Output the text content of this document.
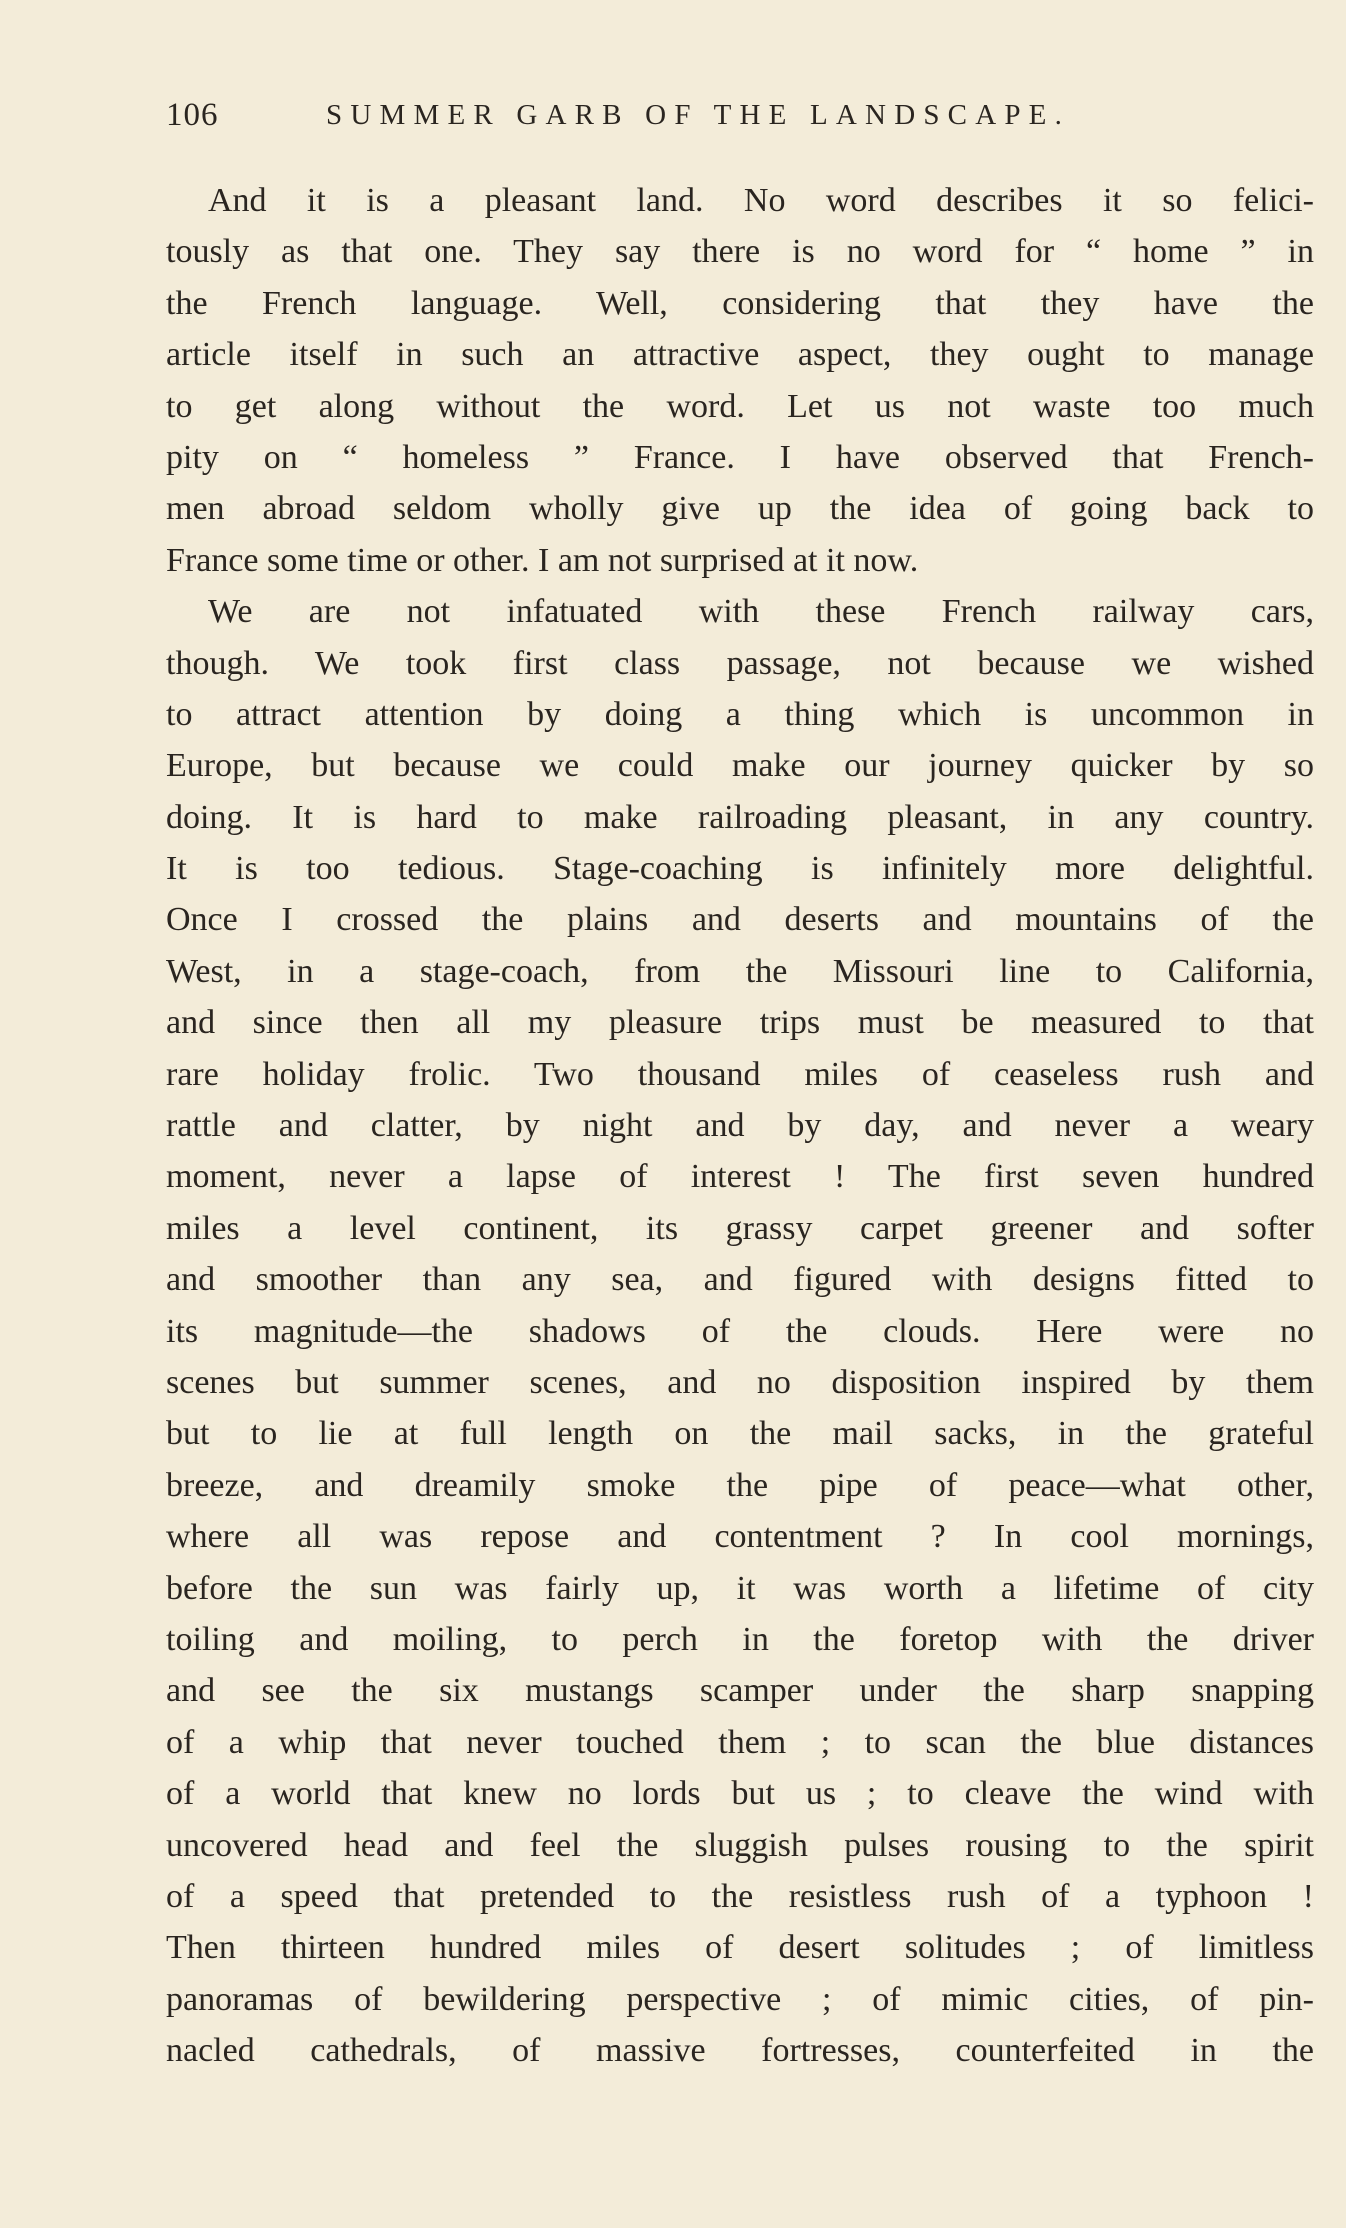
106	SUMMER GARB OF THE LANDSCAPE.
And it is a pleasant land. No word describes it so felici-
tously as that one. They say there is no word for “ home ” in
the French language. Well, considering that they have the
article itself in such an attractive aspect, they ought to manage
to get along without the word. Let us not waste too much
pity on “ homeless ” France. I have observed that French-
men abroad seldom wholly give up the idea of going back to
France some time or other. I am not surprised at it now.
We are not infatuated with these French railway cars,
though. We took first class passage, not because we wished
to attract attention by doing a thing which is uncommon in
Europe, but because we could make our journey quicker by so
doing. It is hard to make railroading pleasant, in any country.
It is too tedious. Stage-coaching is infinitely more delightful.
Once I crossed the plains and deserts and mountains of the
West, in a stage-coach, from the Missouri line to California,
and since then all my pleasure trips must be measured to that
rare holiday frolic. Two thousand miles of ceaseless rush and
rattle and clatter, by night and by day, and never a weary
moment, never a lapse of interest ! The first seven hundred
miles a level continent, its grassy carpet greener and softer
and smoother than any sea, and figured with designs fitted to
its magnitude—the shadows of the clouds. Here were no
scenes but summer scenes, and no disposition inspired by them
but to lie at full length on the mail sacks, in the grateful
breeze, and dreamily smoke the pipe of peace—what other,
where all was repose and contentment ? In cool mornings,
before the sun was fairly up, it was worth a lifetime of city
toiling and moiling, to perch in the foretop with the driver
and see the six mustangs scamper under the sharp snapping
of a whip that never touched them ; to scan the blue distances
of a world that knew no lords but us ; to cleave the wind with
uncovered head and feel the sluggish pulses rousing to the spirit
of a speed that pretended to the resistless rush of a typhoon !
Then thirteen hundred miles of desert solitudes ; of limitless
panoramas of bewildering perspective ; of mimic cities, of pin-
nacled cathedrals, of massive fortresses, counterfeited in the
